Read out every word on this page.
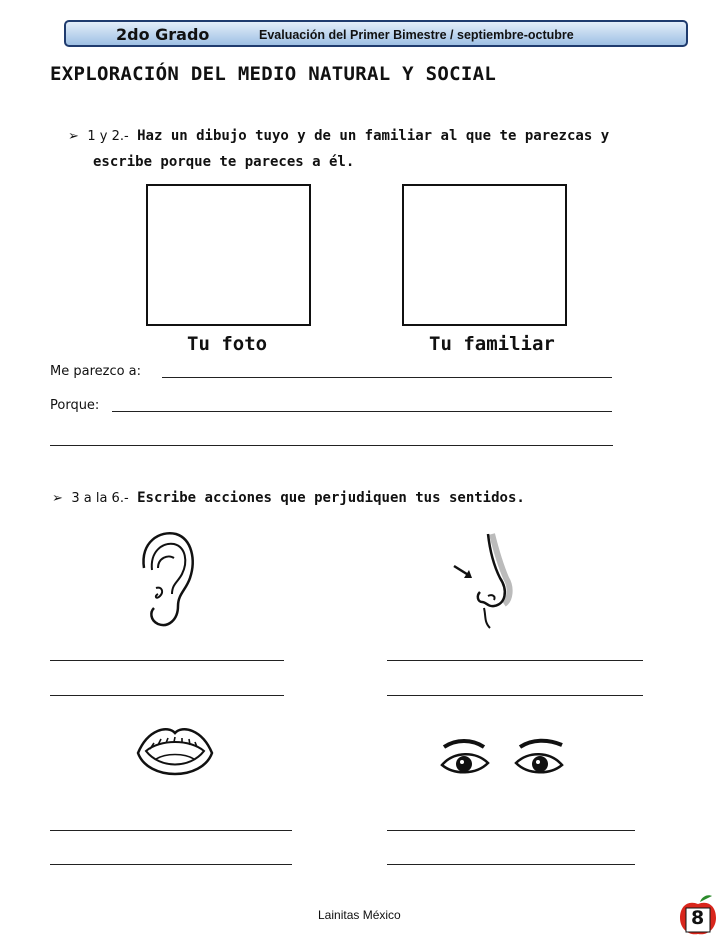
2do Grado	Evaluación del Primer Bimestre / septiembre-octubre
EXPLORACIÓN DEL MEDIO NATURAL Y SOCIAL
➢ 1 y 2.- Haz un dibujo tuyo y de un familiar al que te parezcas y
escribe porque te pareces a él.
Tu foto	Tu familiar
Me parezco a:
Porque:
➢ 3 a la 6.- Escribe acciones que perjudiquen tus sentidos.
Lainitas México	8
